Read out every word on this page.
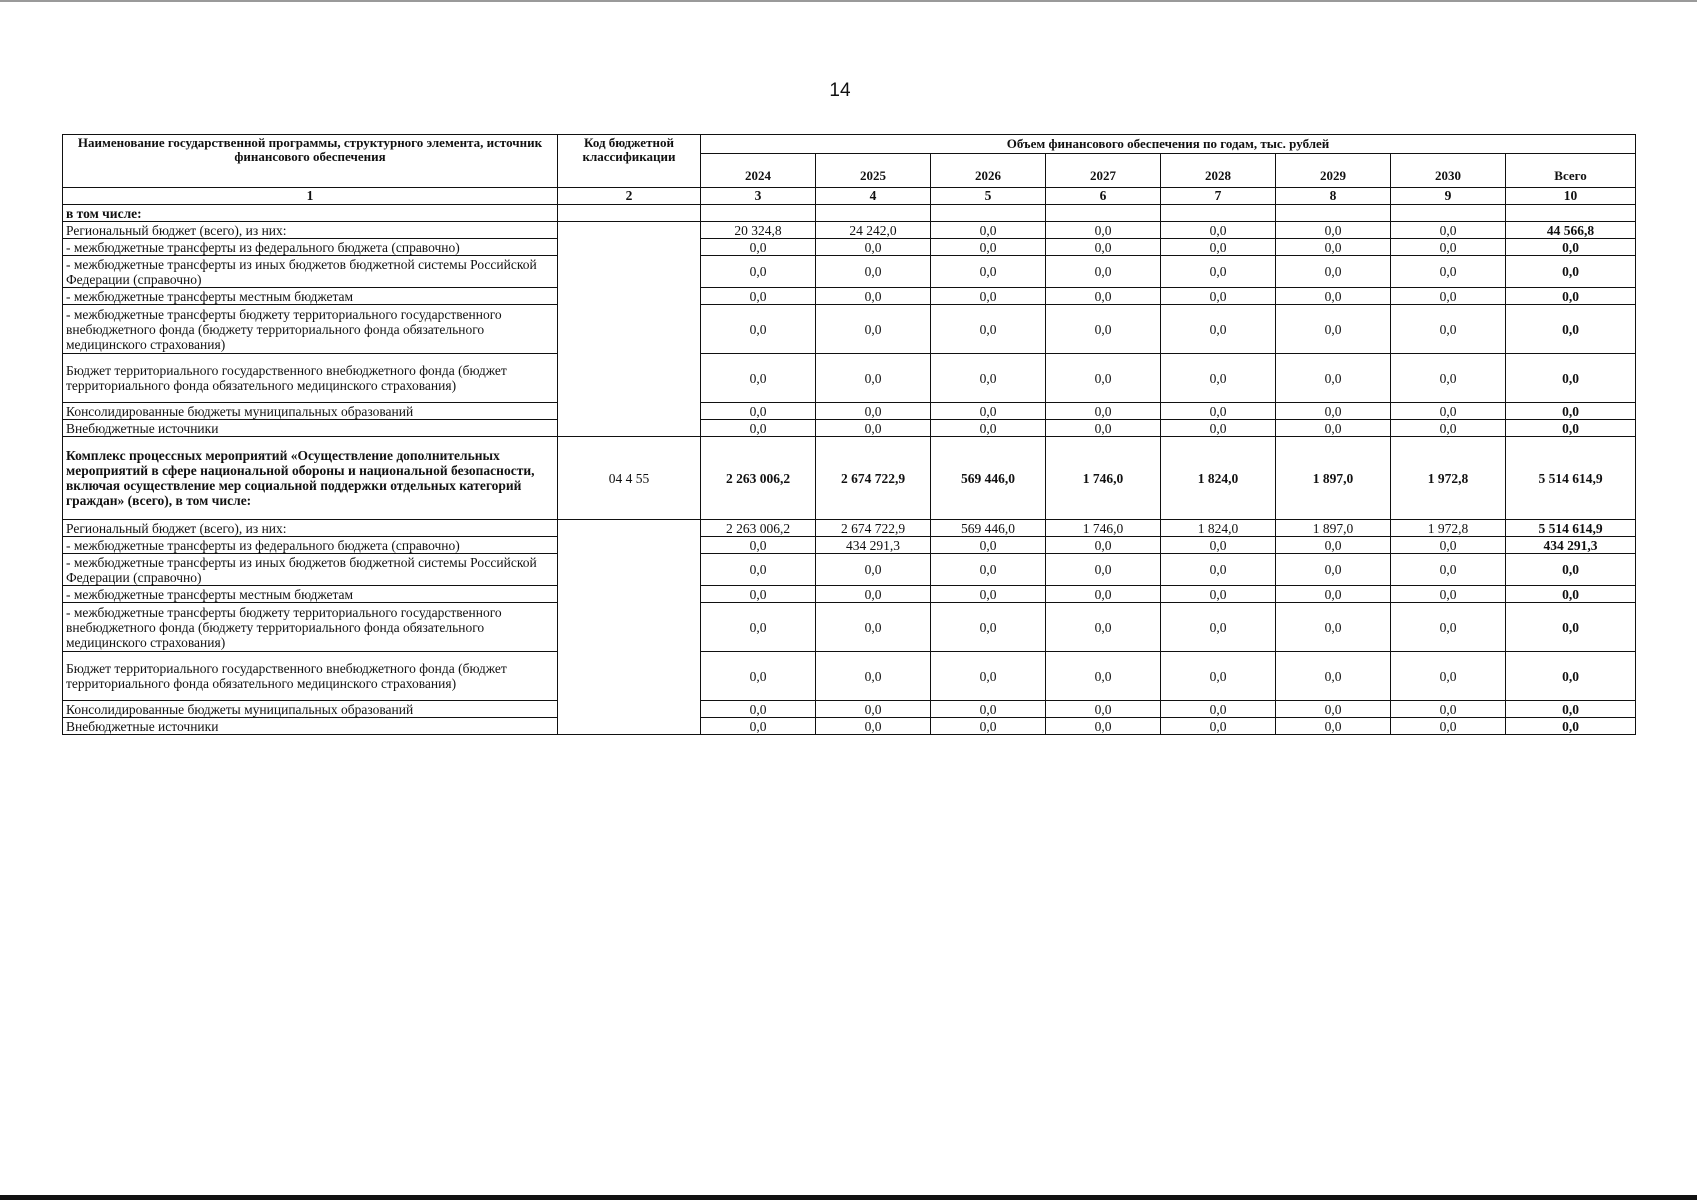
14
Наименование государственной программы, структурного элемента, источник финансового обеспечения	Код бюджетной классификации	Объем финансового обеспечения по годам, тыс. рублей							
		2024	2025	2026	2027	2028	2029	2030	Всего
1	2	3	4	5	6	7	8	9	10
в том числе:									
Региональный бюджет (всего), из них:		20 324,8	24 242,0	0,0	0,0	0,0	0,0	0,0	44 566,8
- межбюджетные трансферты из федерального бюджета (справочно)		0,0	0,0	0,0	0,0	0,0	0,0	0,0	0,0
- межбюджетные трансферты из иных бюджетов бюджетной системы Российской Федерации (справочно)		0,0	0,0	0,0	0,0	0,0	0,0	0,0	0,0
- межбюджетные трансферты местным бюджетам		0,0	0,0	0,0	0,0	0,0	0,0	0,0	0,0
- межбюджетные трансферты бюджету территориального государственного внебюджетного фонда (бюджету территориального фонда обязательного медицинского страхования)		0,0	0,0	0,0	0,0	0,0	0,0	0,0	0,0
Бюджет территориального государственного внебюджетного фонда (бюджет территориального фонда обязательного медицинского страхования)		0,0	0,0	0,0	0,0	0,0	0,0	0,0	0,0
Консолидированные бюджеты муниципальных образований		0,0	0,0	0,0	0,0	0,0	0,0	0,0	0,0
Внебюджетные источники		0,0	0,0	0,0	0,0	0,0	0,0	0,0	0,0
Комплекс процессных мероприятий «Осуществление дополнительных мероприятий в сфере национальной обороны и национальной безопасности, включая осуществление мер социальной поддержки отдельных категорий граждан» (всего), в том числе:	04 4 55	2 263 006,2	2 674 722,9	569 446,0	1 746,0	1 824,0	1 897,0	1 972,8	5 514 614,9
Региональный бюджет (всего), из них:		2 263 006,2	2 674 722,9	569 446,0	1 746,0	1 824,0	1 897,0	1 972,8	5 514 614,9
- межбюджетные трансферты из федерального бюджета (справочно)		0,0	434 291,3	0,0	0,0	0,0	0,0	0,0	434 291,3
- межбюджетные трансферты из иных бюджетов бюджетной системы Российской Федерации (справочно)		0,0	0,0	0,0	0,0	0,0	0,0	0,0	0,0
- межбюджетные трансферты местным бюджетам		0,0	0,0	0,0	0,0	0,0	0,0	0,0	0,0
- межбюджетные трансферты бюджету территориального государственного внебюджетного фонда (бюджету территориального фонда обязательного медицинского страхования)		0,0	0,0	0,0	0,0	0,0	0,0	0,0	0,0
Бюджет территориального государственного внебюджетного фонда (бюджет территориального фонда обязательного медицинского страхования)		0,0	0,0	0,0	0,0	0,0	0,0	0,0	0,0
Консолидированные бюджеты муниципальных образований		0,0	0,0	0,0	0,0	0,0	0,0	0,0	0,0
Внебюджетные источники		0,0	0,0	0,0	0,0	0,0	0,0	0,0	0,0
